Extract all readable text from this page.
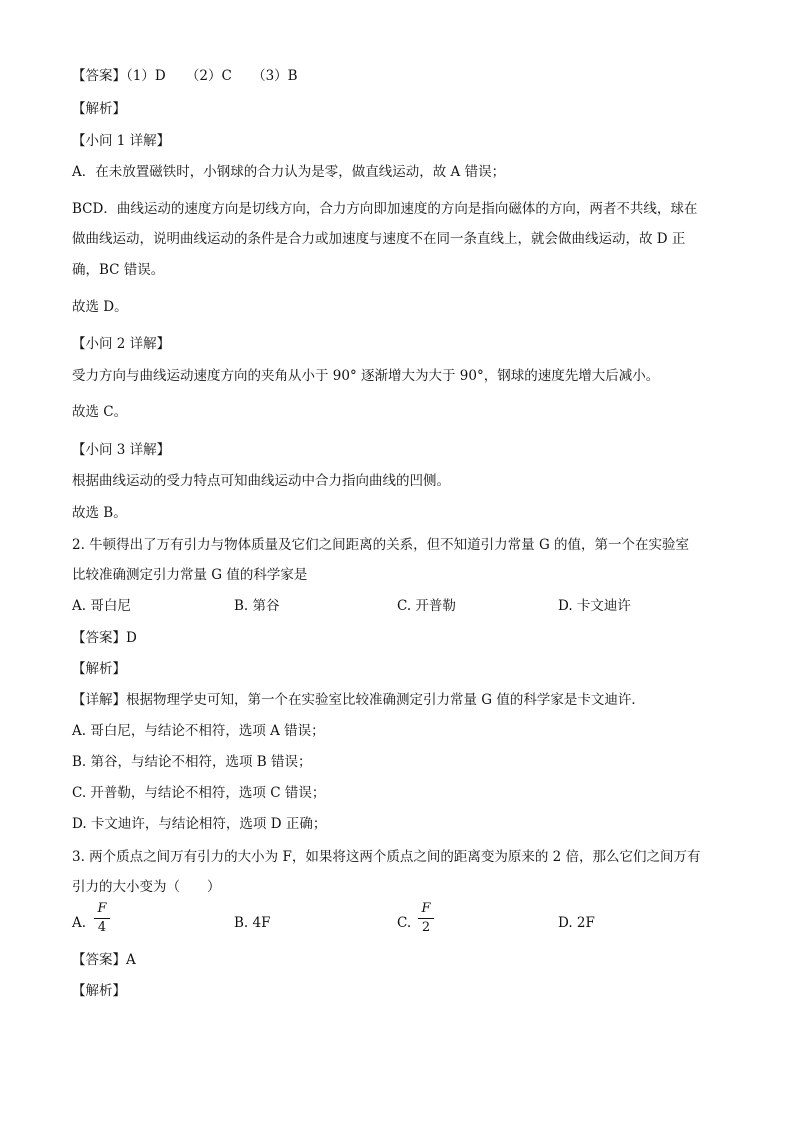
【答案】（1）D　　（2）C　　（3）B
【解析】
【小问 1 详解】
A．在未放置磁铁时，小钢球的合力认为是零，做直线运动，故 A 错误；
BCD．曲线运动的速度方向是切线方向，合力方向即加速度的方向是指向磁体的方向，两者不共线，球在
做曲线运动，说明曲线运动的条件是合力或加速度与速度不在同一条直线上，就会做曲线运动，故 D 正
确，BC 错误。
故选 D。
【小问 2 详解】
受力方向与曲线运动速度方向的夹角从小于 90° 逐渐增大为大于 90°，钢球的速度先增大后减小。
故选 C。
【小问 3 详解】
根据曲线运动的受力特点可知曲线运动中合力指向曲线的凹侧。
故选 B。
2. 牛顿得出了万有引力与物体质量及它们之间距离的关系，但不知道引力常量 G 的值，第一个在实验室
比较准确测定引力常量 G 值的科学家是
A. 哥白尼	B. 第谷	C. 开普勒	D. 卡文迪许
【答案】D
【解析】
【详解】根据物理学史可知，第一个在实验室比较准确测定引力常量 G 值的科学家是卡文迪许．
A. 哥白尼，与结论不相符，选项 A 错误；
B. 第谷，与结论不相符，选项 B 错误；
C. 开普勒，与结论不相符，选项 C 错误；
D. 卡文迪许，与结论相符，选项 D 正确；
3. 两个质点之间万有引力的大小为 F，如果将这两个质点之间的距离变为原来的 2 倍，那么它们之间万有
引力的大小变为（　　）
A.
F
4	B. 4F	C.
F
2	D. 2F
【答案】A
【解析】
